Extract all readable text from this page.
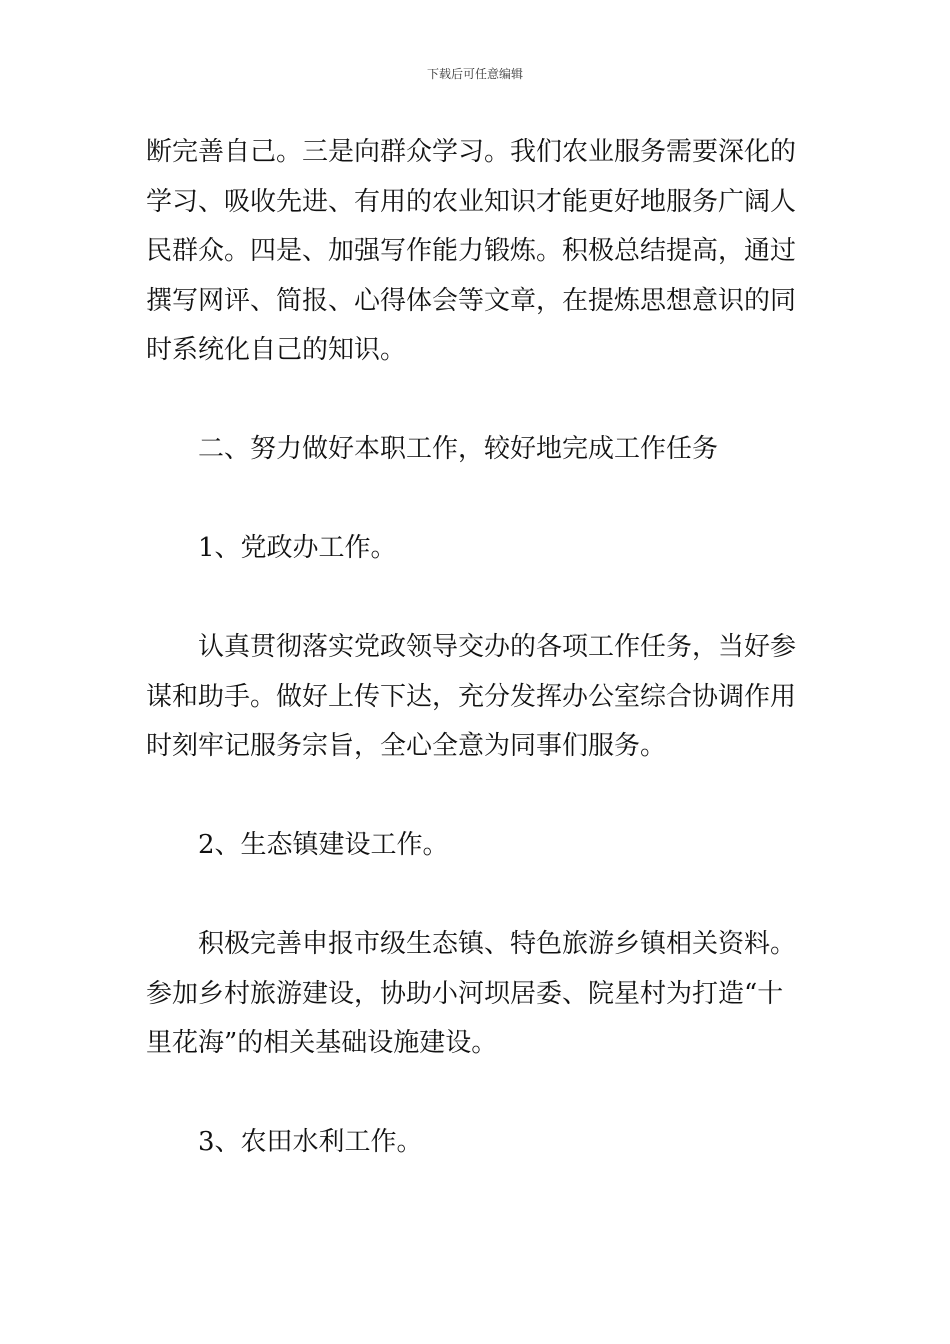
下载后可任意编辑
断完善自己。三是向群众学习。我们农业服务需要深化的
学习、吸收先进、有用的农业知识才能更好地服务广阔人
民群众。四是、加强写作能力锻炼。积极总结提高，通过
撰写网评、简报、心得体会等文章，在提炼思想意识的同
时系统化自己的知识。
二、努力做好本职工作，较好地完成工作任务
1、党政办工作。
认真贯彻落实党政领导交办的各项工作任务，当好参
谋和助手。做好上传下达，充分发挥办公室综合协调作用
时刻牢记服务宗旨，全心全意为同事们服务。
2、生态镇建设工作。
积极完善申报市级生态镇、特色旅游乡镇相关资料。
参加乡村旅游建设，协助小河坝居委、院星村为打造“十
里花海”的相关基础设施建设。
3、农田水利工作。
